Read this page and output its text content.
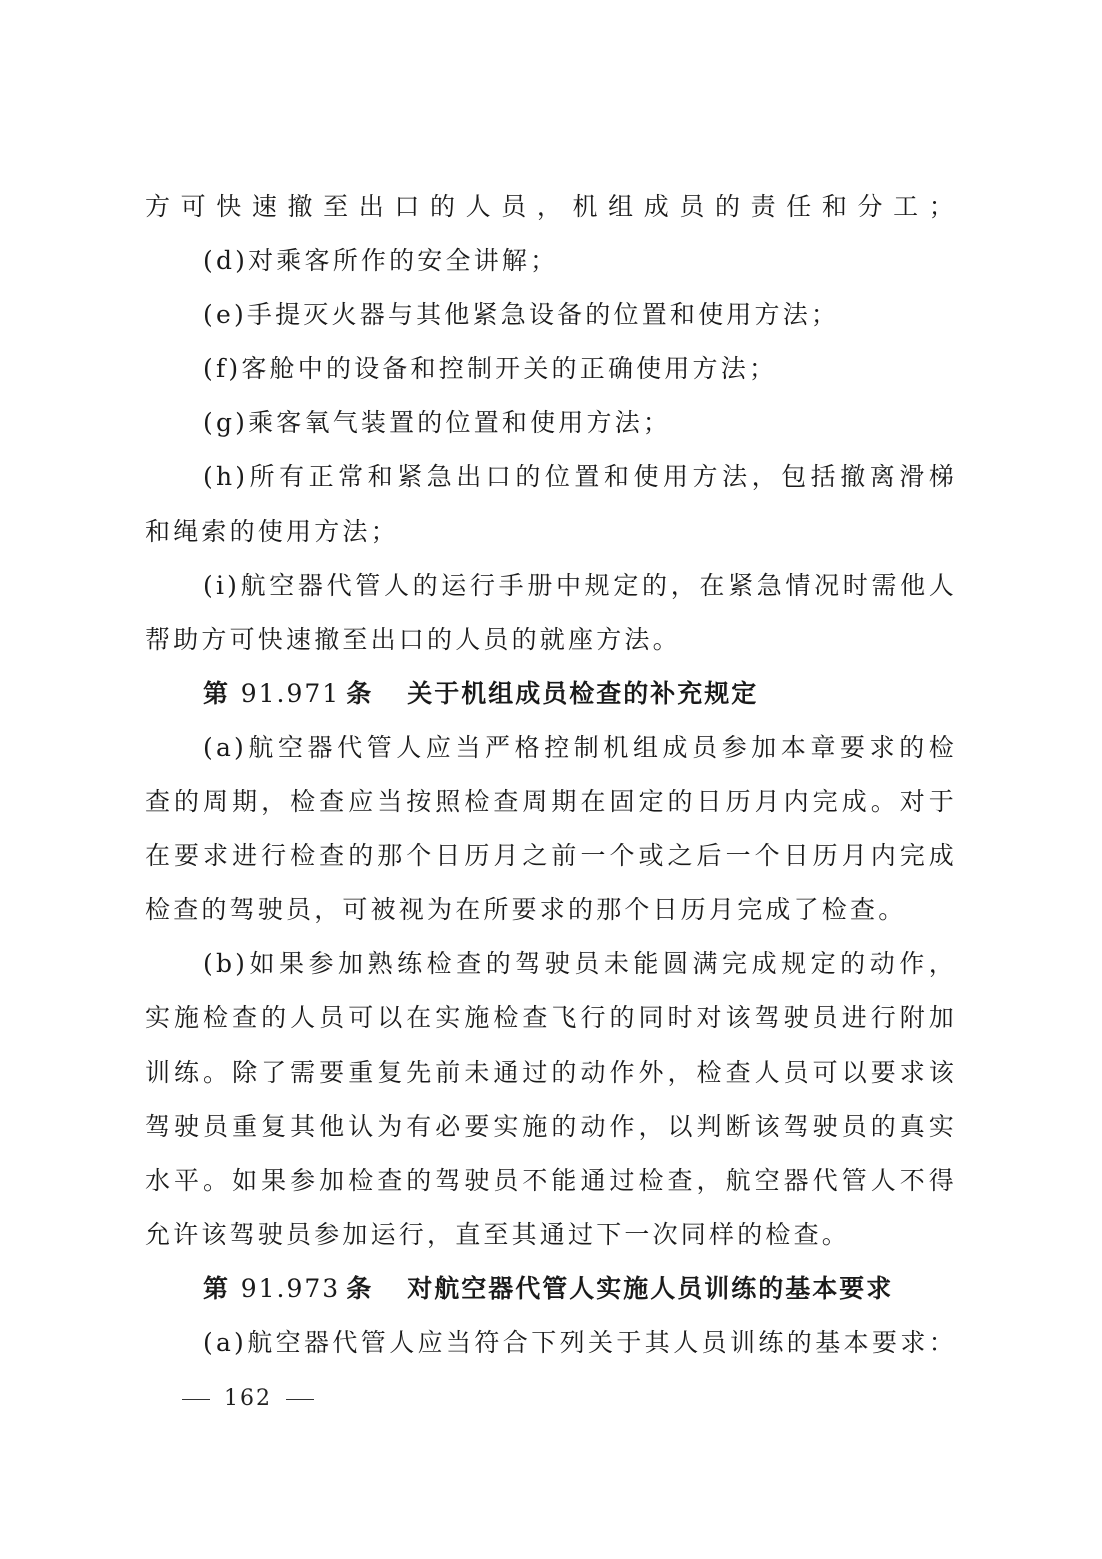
方可快速撤至出口的人员，机组成员的责任和分工；
(d)对乘客所作的安全讲解；
(e)手提灭火器与其他紧急设备的位置和使用方法；
(f)客舱中的设备和控制开关的正确使用方法；
(g)乘客氧气装置的位置和使用方法；
(h)所有正常和紧急出口的位置和使用方法，包括撤离滑梯
和绳索的使用方法；
(i)航空器代管人的运行手册中规定的，在紧急情况时需他人
帮助方可快速撤至出口的人员的就座方法。
第 91.971 条 关于机组成员检查的补充规定
(a)航空器代管人应当严格控制机组成员参加本章要求的检
查的周期，检查应当按照检查周期在固定的日历月内完成。对于
在要求进行检查的那个日历月之前一个或之后一个日历月内完成
检查的驾驶员，可被视为在所要求的那个日历月完成了检查。
(b)如果参加熟练检查的驾驶员未能圆满完成规定的动作，
实施检查的人员可以在实施检查飞行的同时对该驾驶员进行附加
训练。除了需要重复先前未通过的动作外，检查人员可以要求该
驾驶员重复其他认为有必要实施的动作，以判断该驾驶员的真实
水平。如果参加检查的驾驶员不能通过检查，航空器代管人不得
允许该驾驶员参加运行，直至其通过下一次同样的检查。
第 91.973 条 对航空器代管人实施人员训练的基本要求
(a)航空器代管人应当符合下列关于其人员训练的基本要求：
162
